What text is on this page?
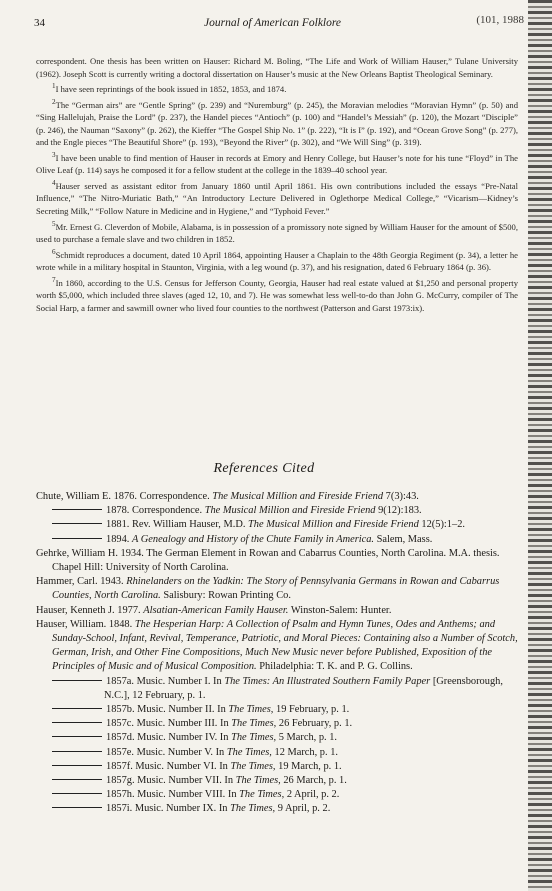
34	Journal of American Folklore	(101, 1988

correspondent. One thesis has been written on Hauser: Richard M. Boling, “The Life and Work of William Hauser,” Tulane University (1962). Joseph Scott is currently writing a doctoral dissertation on Hauser’s music at the New Orleans Baptist Theological Seminary.

$^1$I have seen reprintings of the book issued in 1852, 1853, and 1874.

$^2$The “German airs” are “Gentle Spring” (p. 239) and “Nuremburg” (p. 245), the Moravian melodies “Moravian Hymn” (p. 50) and “Sing Hallelujah, Praise the Lord” (p. 237), the Handel pieces “Antioch” (p. 100) and “Handel’s Messiah” (p. 120), the Mozart “Disciple” (p. 246), the Nauman “Saxony” (p. 262), the Kieffer “The Gospel Ship No. 1” (p. 222), “It is I” (p. 192), and “Ocean Grove Song” (p. 277), and the Engle pieces “The Beautiful Shore” (p. 193), “Beyond the River” (p. 302), and “We Will Sing” (p. 319).

$^3$I have been unable to find mention of Hauser in records at Emory and Henry College, but Hauser’s note for his tune “Floyd” in The Olive Leaf (p. 114) says he composed it for a fellow student at the college in the 1839–40 school year.

$^4$Hauser served as assistant editor from January 1860 until April 1861. His own contributions included the essays “Pre-Natal Influence,” “The Nitro-Muriatic Bath,” “An Introductory Lecture Delivered in Oglethorpe Medical College,” “Vicarism—Kidney’s Secreting Milk,” “Follow Nature in Medicine and in Hygiene,” and “Typhoid Fever.”

$^5$Mr. Ernest G. Cleverdon of Mobile, Alabama, is in possession of a promissory note signed by William Hauser for the amount of $500, used to purchase a female slave and two children in 1852.

$^6$Schmidt reproduces a document, dated 10 April 1864, appointing Hauser a Chaplain to the 48th Georgia Regiment (p. 34), a letter he wrote while in a military hospital in Staunton, Virginia, with a leg wound (p. 37), and his resignation, dated 6 February 1864 (p. 36).

$^7$In 1860, according to the U.S. Census for Jefferson County, Georgia, Hauser had real estate valued at $1,250 and personal property worth $5,000, which included three slaves (aged 12, 10, and 7). He was somewhat less well-to-do than John G. McCurry, compiler of The Social Harp, a farmer and sawmill owner who lived four counties to the northwest (Patterson and Garst 1973:ix).

References Cited

Chute, William E. 1876. Correspondence. The Musical Million and Fireside Friend 7(3):43.

1878. Correspondence. The Musical Million and Fireside Friend 9(12):183.

1881. Rev. William Hauser, M.D. The Musical Million and Fireside Friend 12(5):1–2.

1894. A Genealogy and History of the Chute Family in America. Salem, Mass.

Gehrke, William H. 1934. The German Element in Rowan and Cabarrus Counties, North Carolina. M.A. thesis. Chapel Hill: University of North Carolina.

Hammer, Carl. 1943. Rhinelanders on the Yadkin: The Story of Pennsylvania Germans in Rowan and Cabarrus Counties, North Carolina. Salisbury: Rowan Printing Co.

Hauser, Kenneth J. 1977. Alsatian-American Family Hauser. Winston-Salem: Hunter.

Hauser, William. 1848. The Hesperian Harp: A Collection of Psalm and Hymn Tunes, Odes and Anthems; and Sunday-School, Infant, Revival, Temperance, Patriotic, and Moral Pieces: Containing also a Number of Scotch, German, Irish, and Other Fine Compositions, Much New Music never before Published, Exposition of the Principles of Music and of Musical Composition. Philadelphia: T. K. and P. G. Collins.

1857a. Music. Number I. In The Times: An Illustrated Southern Family Paper [Greensborough, N.C.], 12 February, p. 1.

1857b. Music. Number II. In The Times, 19 February, p. 1.

1857c. Music. Number III. In The Times, 26 February, p. 1.

1857d. Music. Number IV. In The Times, 5 March, p. 1.

1857e. Music. Number V. In The Times, 12 March, p. 1.

1857f. Music. Number VI. In The Times, 19 March, p. 1.

1857g. Music. Number VII. In The Times, 26 March, p. 1.

1857h. Music. Number VIII. In The Times, 2 April, p. 2.

1857i. Music. Number IX. In The Times, 9 April, p. 2.
